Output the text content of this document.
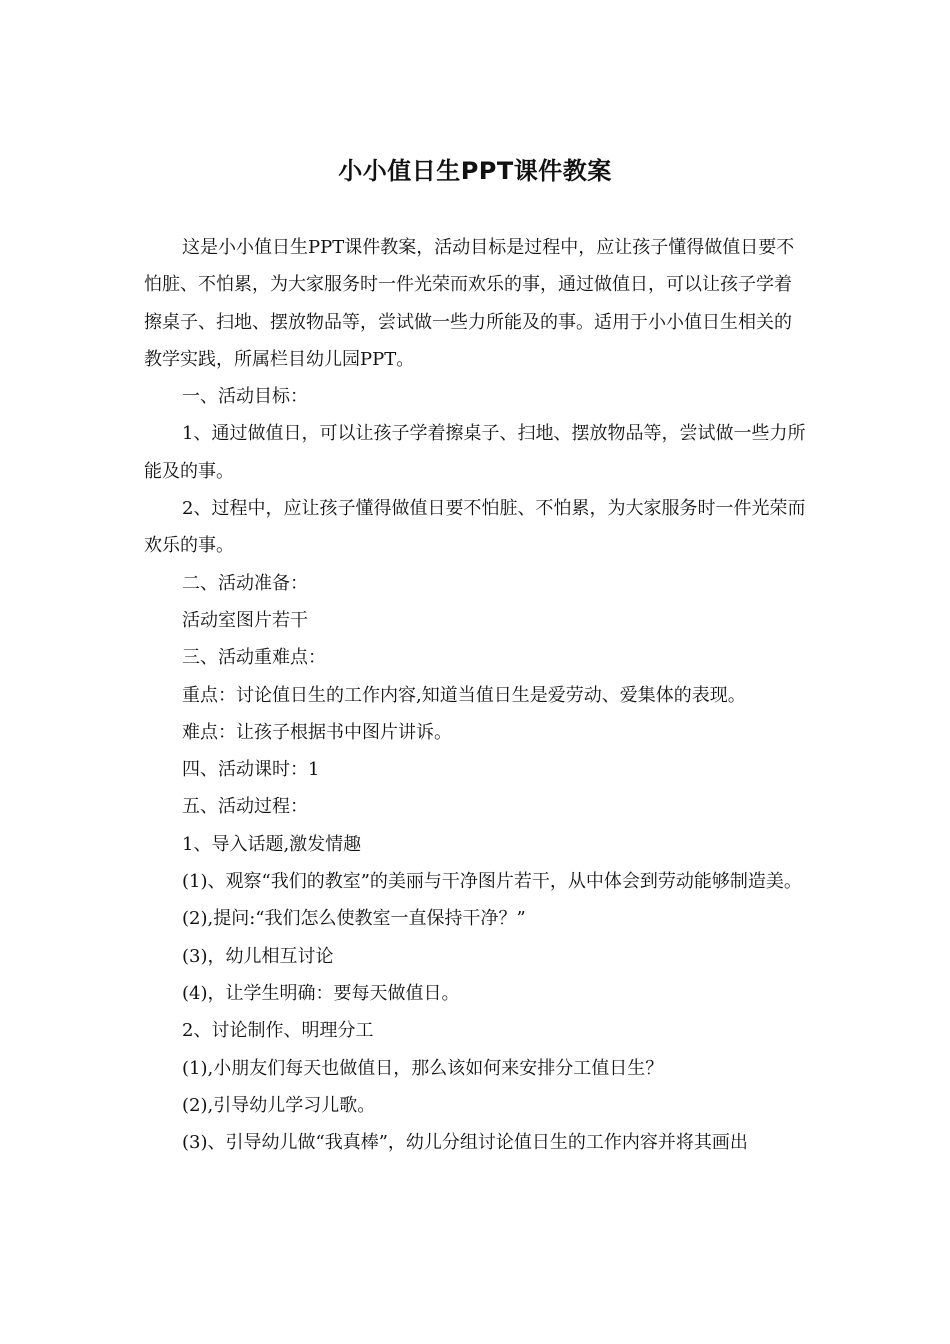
小小值日生PPT课件教案

这是小小值日生PPT课件教案，活动目标是过程中，应让孩子懂得做值日要不怕脏、不怕累，为大家服务时一件光荣而欢乐的事，通过做值日，可以让孩子学着擦桌子、扫地、摆放物品等，尝试做一些力所能及的事。适用于小小值日生相关的教学实践，所属栏目幼儿园PPT。

一、活动目标：

1、通过做值日，可以让孩子学着擦桌子、扫地、摆放物品等，尝试做一些力所能及的事。

2、过程中，应让孩子懂得做值日要不怕脏、不怕累，为大家服务时一件光荣而欢乐的事。

二、活动准备：

活动室图片若干

三、活动重难点：

重点：讨论值日生的工作内容,知道当值日生是爱劳动、爱集体的表现。

难点：让孩子根据书中图片讲诉。

四、活动课时：1

五、活动过程：

1、导入话题,激发情趣

(1)、观察“我们的教室”的美丽与干净图片若干，从中体会到劳动能够制造美。

(2),提问:“我们怎么使教室一直保持干净？”

(3)，幼儿相互讨论

(4)，让学生明确：要每天做值日。

2、讨论制作、明理分工

(1),小朋友们每天也做值日，那么该如何来安排分工值日生？

(2),引导幼儿学习儿歌。

(3)、引导幼儿做“我真棒”，幼儿分组讨论值日生的工作内容并将其画出
